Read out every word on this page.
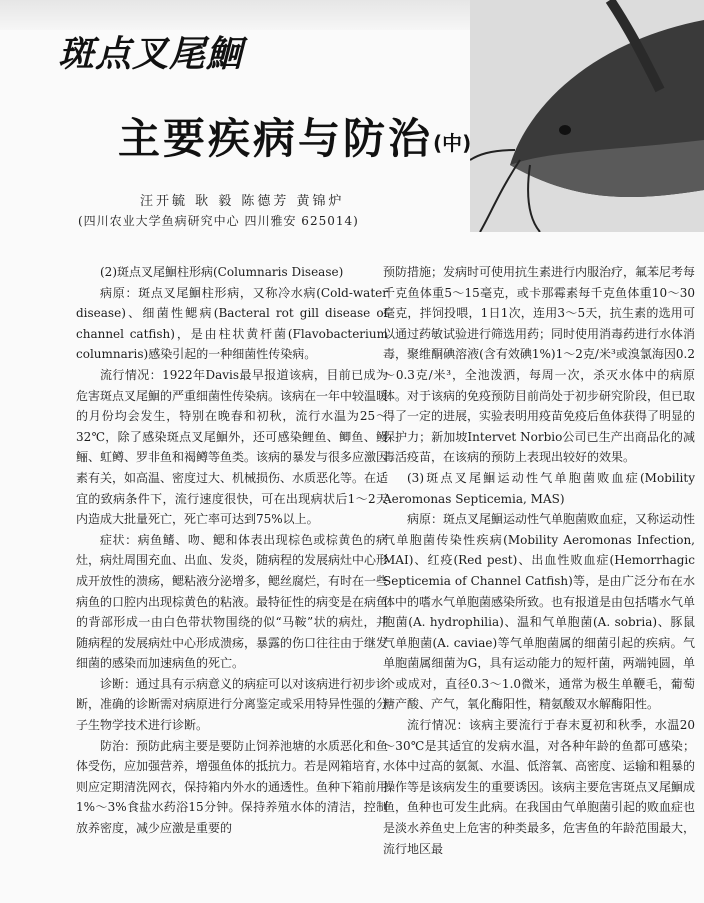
斑点叉尾鮰
主要疾病与防治(中)
汪开毓 耿 毅 陈德芳 黄锦炉
(四川农业大学鱼病研究中心 四川雅安 625014)

(2)斑点叉尾鮰柱形病(Columnaris Disease)

病原：斑点叉尾鮰柱形病，又称冷水病(Cold-water disease)、细菌性鳃病(Bacteral rot gill disease of channel catfish)，是由柱状黄杆菌(Flavobacterium columnaris)感染引起的一种细菌性传染病。

流行情况：1922年Davis最早报道该病，目前已成为危害斑点叉尾鮰的严重细菌性传染病。该病在一年中较温暖的月份均会发生，特别在晚春和初秋，流行水温为25～32℃，除了感染斑点叉尾鮰外，还可感染鲤鱼、鲫鱼、鳗鲡、虹鳟、罗非鱼和褐鳟等鱼类。该病的暴发与很多应激因素有关，如高温、密度过大、机械损伤、水质恶化等。在适宜的致病条件下，流行速度很快，可在出现病状后1～2天内造成大批量死亡，死亡率可达到75%以上。

症状：病鱼鳍、吻、鳃和体表出现棕色或棕黄色的病灶，病灶周围充血、出血、发炎，随病程的发展病灶中心形成开放性的溃疡，鳃粘液分泌增多，鳃丝腐烂，有时在一些病鱼的口腔内出现棕黄色的粘液。最特征性的病变是在病鱼的背部形成一由白色带状物围绕的似“马鞍”状的病灶，并随病程的发展病灶中心形成溃疡，暴露的伤口往往由于继发细菌的感染而加速病鱼的死亡。

诊断：通过具有示病意义的病症可以对该病进行初步诊断，准确的诊断需对病原进行分离鉴定或采用特异性强的分子生物学技术进行诊断。

防治：预防此病主要是要防止饲养池塘的水质恶化和鱼体受伤，应加强营养，增强鱼体的抵抗力。若是网箱培育，则应定期清洗网衣，保持箱内外水的通透性。鱼种下箱前用1%～3%食盐水药浴15分钟。保持养殖水体的清洁，控制放养密度，减少应激是重要的

预防措施；发病时可使用抗生素进行内服治疗，氟苯尼考每千克鱼体重5～15毫克，或卡那霉素每千克鱼体重10～30毫克，拌饲投喂，1日1次，连用3～5天，抗生素的选用可以通过药敏试验进行筛选用药；同时使用消毒药进行水体消毒，聚维酮碘溶液(含有效碘1%)1～2克/米³或溴氯海因0.2～0.3克/米³，全池泼洒，每周一次，杀灭水体中的病原体。对于该病的免疫预防目前尚处于初步研究阶段，但已取得了一定的进展，实验表明用疫苗免疫后鱼体获得了明显的保护力；新加坡Intervet Norbio公司已生产出商品化的减毒活疫苗，在该病的预防上表现出较好的效果。

(3)斑点叉尾鮰运动性气单胞菌败血症(Mobility Aeromonas Septicemia, MAS)

病原：斑点叉尾鮰运动性气单胞菌败血症，又称运动性气单胞菌传染性疾病(Mobility Aeromonas Infection, MAI)、红疫(Red pest)、出血性败血症(Hemorrhagic Septicemia of Channel Catfish)等，是由广泛分布在水体中的嗜水气单胞菌感染所致。也有报道是由包括嗜水气单胞菌(A. hydrophilia)、温和气单胞菌(A. sobria)、豚鼠气单胞菌(A. caviae)等气单胞菌属的细菌引起的疾病。气单胞菌属细菌为G，具有运动能力的短杆菌，两端钝圆，单个或成对，直径0.3～1.0微米，通常为极生单鞭毛，葡萄糖产酸、产气，氧化酶阳性，精氨酸双水解酶阳性。

流行情况：该病主要流行于春末夏初和秋季，水温20～30℃是其适宜的发病水温，对各种年龄的鱼都可感染；水体中过高的氨氮、水温、低溶氧、高密度、运输和粗暴的操作等是该病发生的重要诱因。该病主要危害斑点叉尾鮰成鱼，鱼种也可发生此病。在我国由气单胞菌引起的败血症也是淡水养鱼史上危害的种类最多，危害鱼的年龄范围最大，流行地区最
